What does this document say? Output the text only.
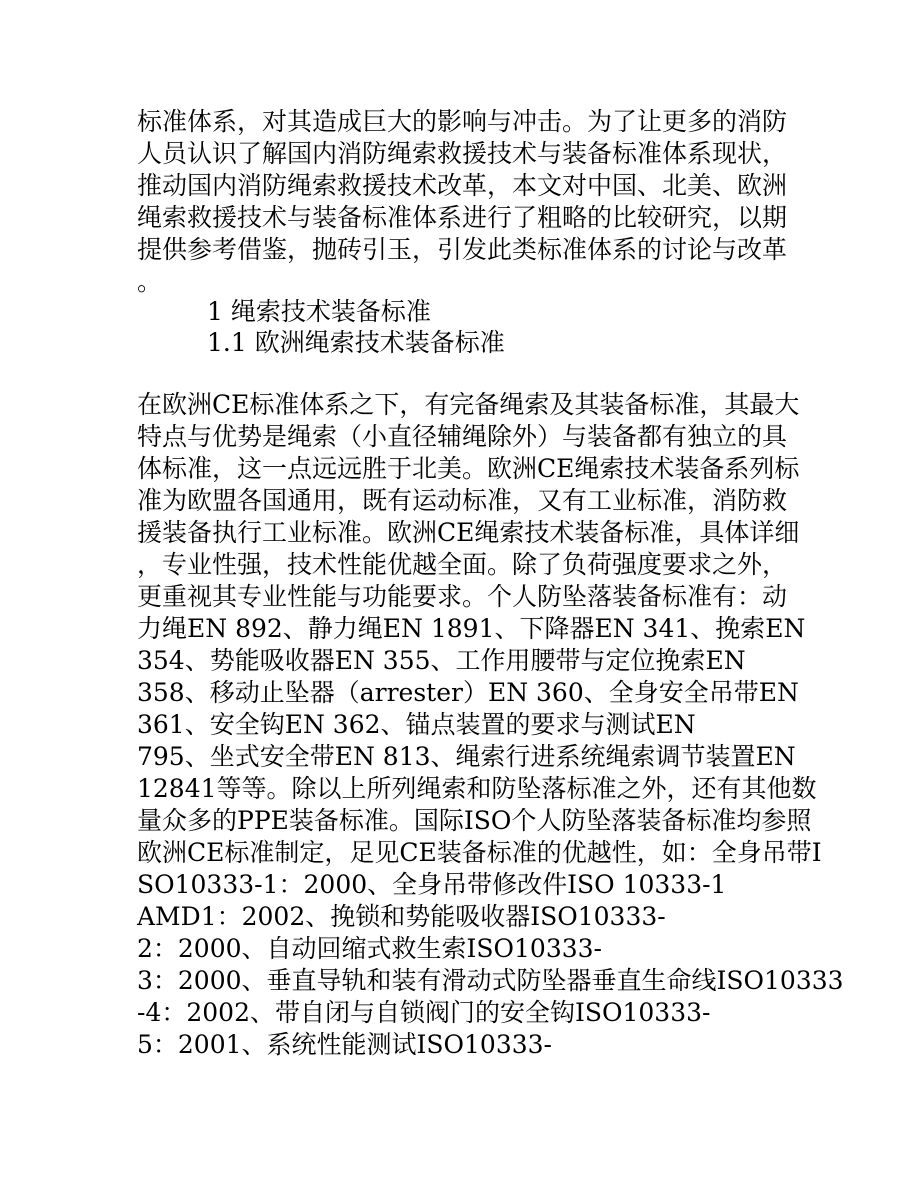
标准体系，对其造成巨大的影响与冲击。为了让更多的消防
人员认识了解国内消防绳索救援技术与装备标准体系现状，
推动国内消防绳索救援技术改革，本文对中国、北美、欧洲
绳索救援技术与装备标准体系进行了粗略的比较研究，以期
提供参考借鉴，抛砖引玉，引发此类标准体系的讨论与改革
。
1 绳索技术装备标准
1.1 欧洲绳索技术装备标准
在欧洲CE标准体系之下，有完备绳索及其装备标准，其最大
特点与优势是绳索（小直径辅绳除外）与装备都有独立的具
体标准，这一点远远胜于北美。欧洲CE绳索技术装备系列标
准为欧盟各国通用，既有运动标准，又有工业标准，消防救
援装备执行工业标准。欧洲CE绳索技术装备标准，具体详细
，专业性强，技术性能优越全面。除了负荷强度要求之外，
更重视其专业性能与功能要求。个人防坠落装备标准有：动
力绳EN 892、静力绳EN 1891、下降器EN 341、挽索EN
354、势能吸收器EN 355、工作用腰带与定位挽索EN
358、移动止坠器（arrester）EN 360、全身安全吊带EN
361、安全钩EN 362、锚点装置的要求与测试EN
795、坐式安全带EN 813、绳索行进系统绳索调节装置EN
12841等等。除以上所列绳索和防坠落标准之外，还有其他数
量众多的PPE装备标准。国际ISO个人防坠落装备标准均参照
欧洲CE标准制定，足见CE装备标准的优越性，如：全身吊带I
SO10333-1：2000、全身吊带修改件ISO 10333-1
AMD1：2002、挽锁和势能吸收器ISO10333-
2：2000、自动回缩式救生索ISO10333-
3：2000、垂直导轨和装有滑动式防坠器垂直生命线ISO10333
-4：2002、带自闭与自锁阀门的安全钩ISO10333-
5：2001、系统性能测试ISO10333-
